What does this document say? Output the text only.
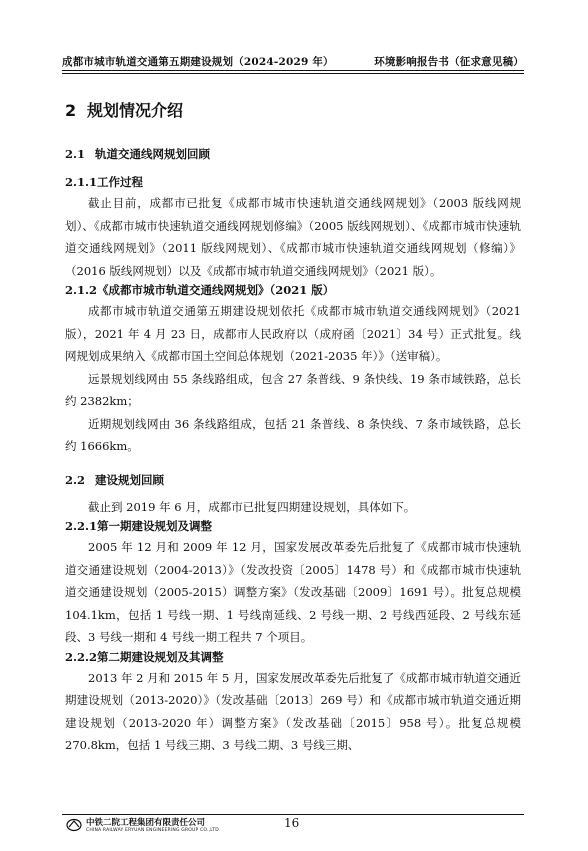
成都市城市轨道交通第五期建设规划（2024-2029 年）	环境影响报告书（征求意见稿）
2 规划情况介绍
2.1 轨道交通线网规划回顾
2.1.1工作过程

截止目前，成都市已批复《成都市城市快速轨道交通线网规划》（2003 版线网规划）、《成都市城市快速轨道交通线网规划修编》（2005 版线网规划）、《成都市城市快速轨道交通线网规划》（2011 版线网规划）、《成都市城市快速轨道交通线网规划（修编）》（2016 版线网规划）以及《成都市城市轨道交通线网规划》（2021 版）。

2.1.2《成都市城市轨道交通线网规划》（2021 版）

成都市城市轨道交通第五期建设规划依托《成都市城市轨道交通线网规划》（2021 版），2021 年 4 月 23 日，成都市人民政府以（成府函〔2021〕34 号）正式批复。线网规划成果纳入《成都市国土空间总体规划（2021-2035 年）》（送审稿）。

远景规划线网由 55 条线路组成，包含 27 条普线、9 条快线、19 条市域铁路，总长约 2382km；

近期规划线网由 36 条线路组成，包括 21 条普线、8 条快线、7 条市域铁路，总长约 1666km。

2.2 建设规划回顾

截止到 2019 年 6 月，成都市已批复四期建设规划，具体如下。

2.2.1第一期建设规划及调整

2005 年 12 月和 2009 年 12 月，国家发展改革委先后批复了《成都市城市快速轨道交通建设规划（2004-2013）》（发改投资〔2005〕1478 号）和《成都市城市快速轨道交通建设规划（2005-2015）调整方案》（发改基础〔2009〕1691 号）。批复总规模 104.1km，包括 1 号线一期、1 号线南延线、2 号线一期、2 号线西延段、2 号线东延段、3 号线一期和 4 号线一期工程共 7 个项目。

2.2.2第二期建设规划及其调整

2013 年 2 月和 2015 年 5 月，国家发展改革委先后批复了《成都市城市轨道交通近期建设规划（2013-2020）》（发改基础〔2013〕269 号）和《成都市城市轨道交通近期建设规划（2013-2020 年）调整方案》（发改基础〔2015〕958 号）。批复总规模 270.8km，包括 1 号线三期、3 号线二期、3 号线三期、

中铁二院工程集团有限责任公司
CHINA RAILWAY ERYUAN ENGINEERING GROUP CO.,LTD
16
